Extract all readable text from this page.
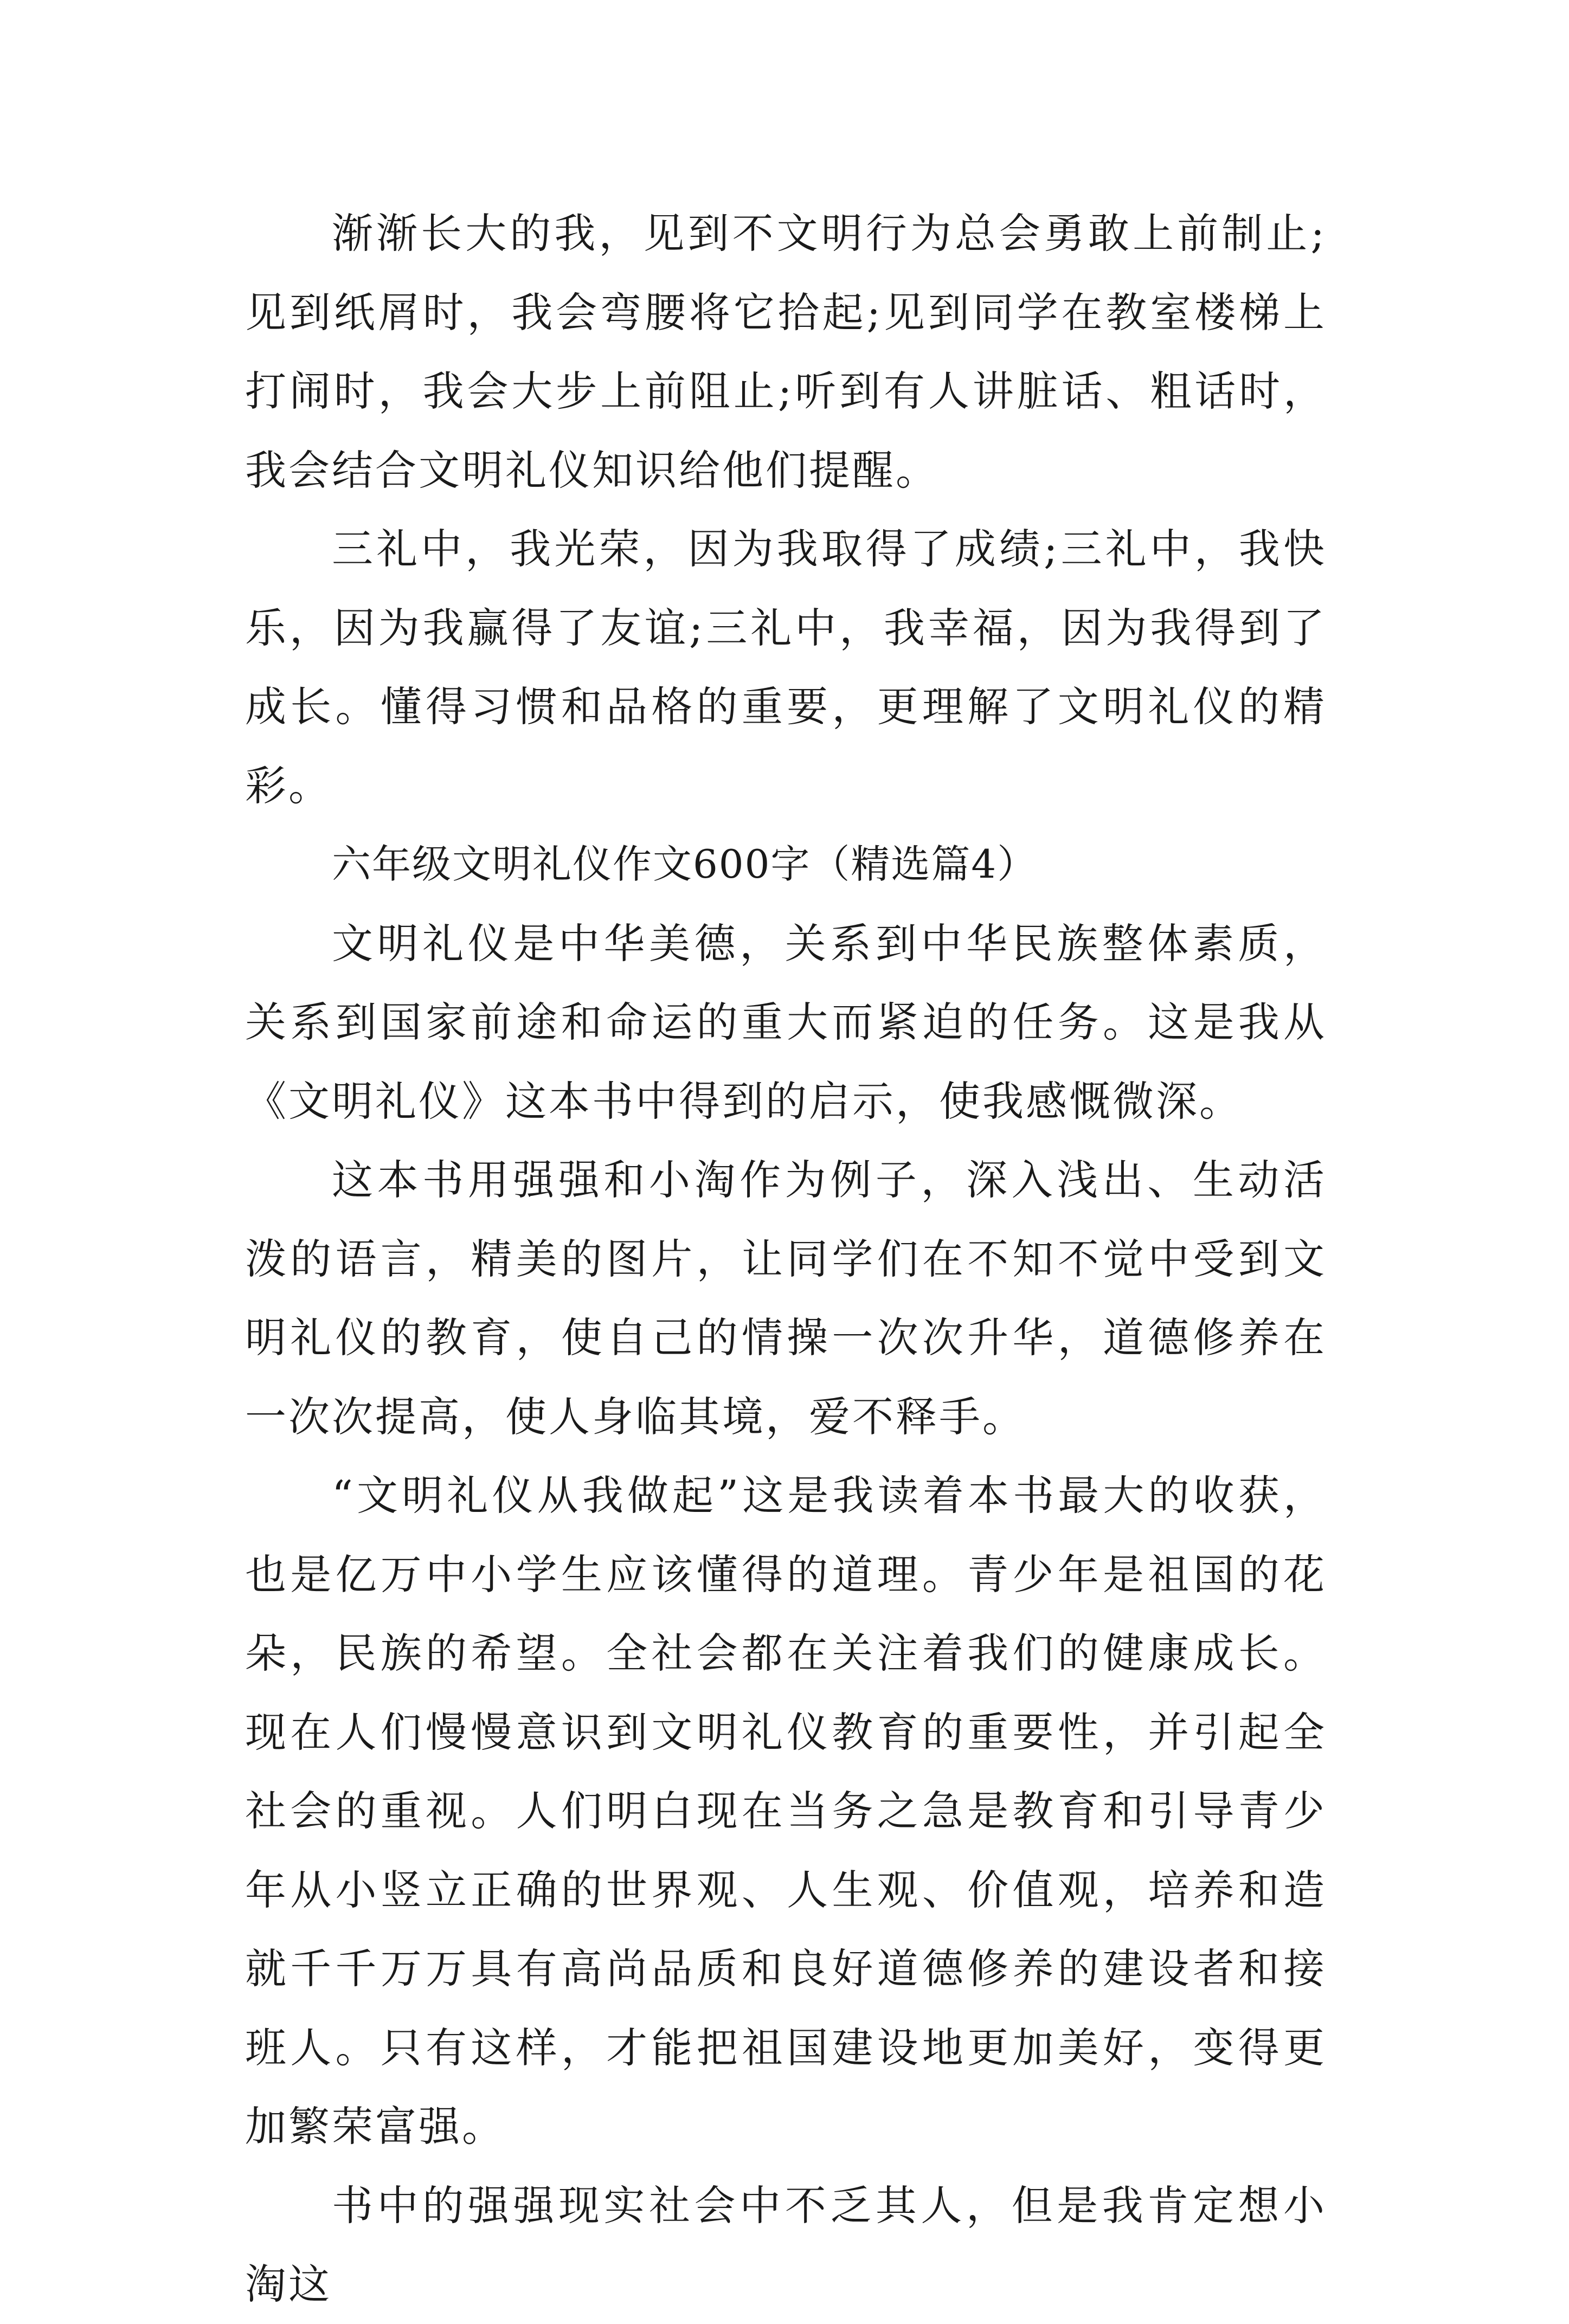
渐渐长大的我，见到不文明行为总会勇敢上前制止;见到纸屑时，我会弯腰将它拾起;见到同学在教室楼梯上打闹时，我会大步上前阻止;听到有人讲脏话、粗话时，我会结合文明礼仪知识给他们提醒。

三礼中，我光荣，因为我取得了成绩;三礼中，我快乐，因为我赢得了友谊;三礼中，我幸福，因为我得到了成长。懂得习惯和品格的重要，更理解了文明礼仪的精彩。

六年级文明礼仪作文600字（精选篇4）

文明礼仪是中华美德，关系到中华民族整体素质，关系到国家前途和命运的重大而紧迫的任务。这是我从《文明礼仪》这本书中得到的启示，使我感慨微深。

这本书用强强和小淘作为例子，深入浅出、生动活泼的语言，精美的图片，让同学们在不知不觉中受到文明礼仪的教育，使自己的情操一次次升华，道德修养在一次次提高，使人身临其境，爱不释手。

“文明礼仪从我做起”这是我读着本书最大的收获，也是亿万中小学生应该懂得的道理。青少年是祖国的花朵，民族的希望。全社会都在关注着我们的健康成长。现在人们慢慢意识到文明礼仪教育的重要性，并引起全社会的重视。人们明白现在当务之急是教育和引导青少年从小竖立正确的世界观、人生观、价值观，培养和造就千千万万具有高尚品质和良好道德修养的建设者和接班人。只有这样，才能把祖国建设地更加美好，变得更加繁荣富强。

书中的强强现实社会中不乏其人，但是我肯定想小淘这
